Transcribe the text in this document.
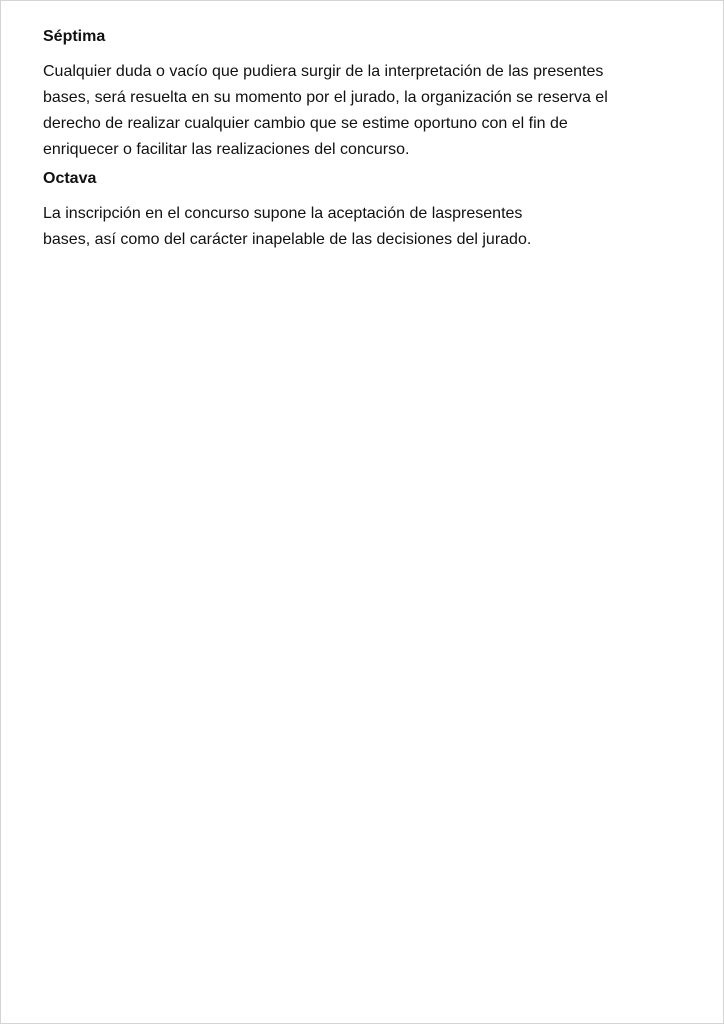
Séptima
Cualquier duda o vacío que pudiera surgir de la interpretación de las presentes
bases, será resuelta en su momento por el jurado, la organización se reserva el
derecho de realizar cualquier cambio que se estime oportuno con el fin de
enriquecer o facilitar las realizaciones del concurso.
Octava
La inscripción en el concurso supone la aceptación de laspresentes
bases, así como del carácter inapelable de las decisiones del jurado.
